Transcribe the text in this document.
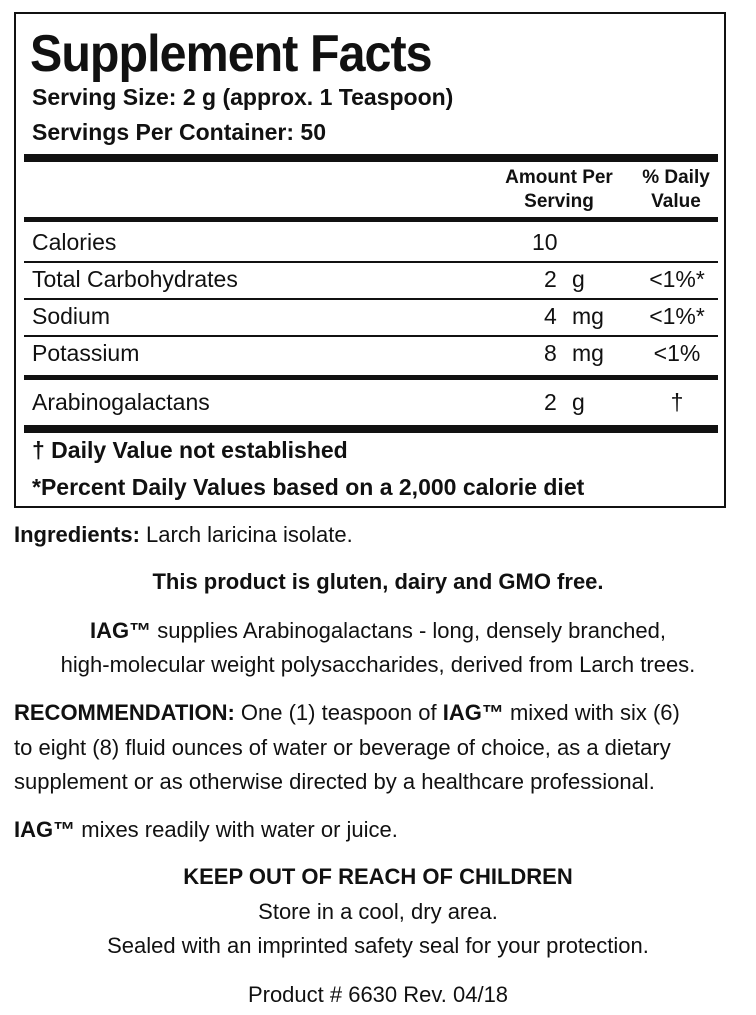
Supplement Facts
Serving Size: 2 g (approx. 1 Teaspoon)
Servings Per Container: 50
Amount Per
Serving
% Daily
Value
Calories	10
Total Carbohydrates	2 g	<1%*
Sodium	4 mg	<1%*
Potassium	8 mg	<1%
Arabinogalactans	2 g	†
† Daily Value not established
*Percent Daily Values based on a 2,000 calorie diet
Ingredients: Larch laricina isolate.
This product is gluten, dairy and GMO free.
IAG™ supplies Arabinogalactans - long, densely branched,
high-molecular weight polysaccharides, derived from Larch trees.
RECOMMENDATION: One (1) teaspoon of IAG™ mixed with six (6)
to eight (8) fluid ounces of water or beverage of choice, as a dietary
supplement or as otherwise directed by a healthcare professional.
IAG™ mixes readily with water or juice.
KEEP OUT OF REACH OF CHILDREN
Store in a cool, dry area.
Sealed with an imprinted safety seal for your protection.
Product # 6630 Rev. 04/18
